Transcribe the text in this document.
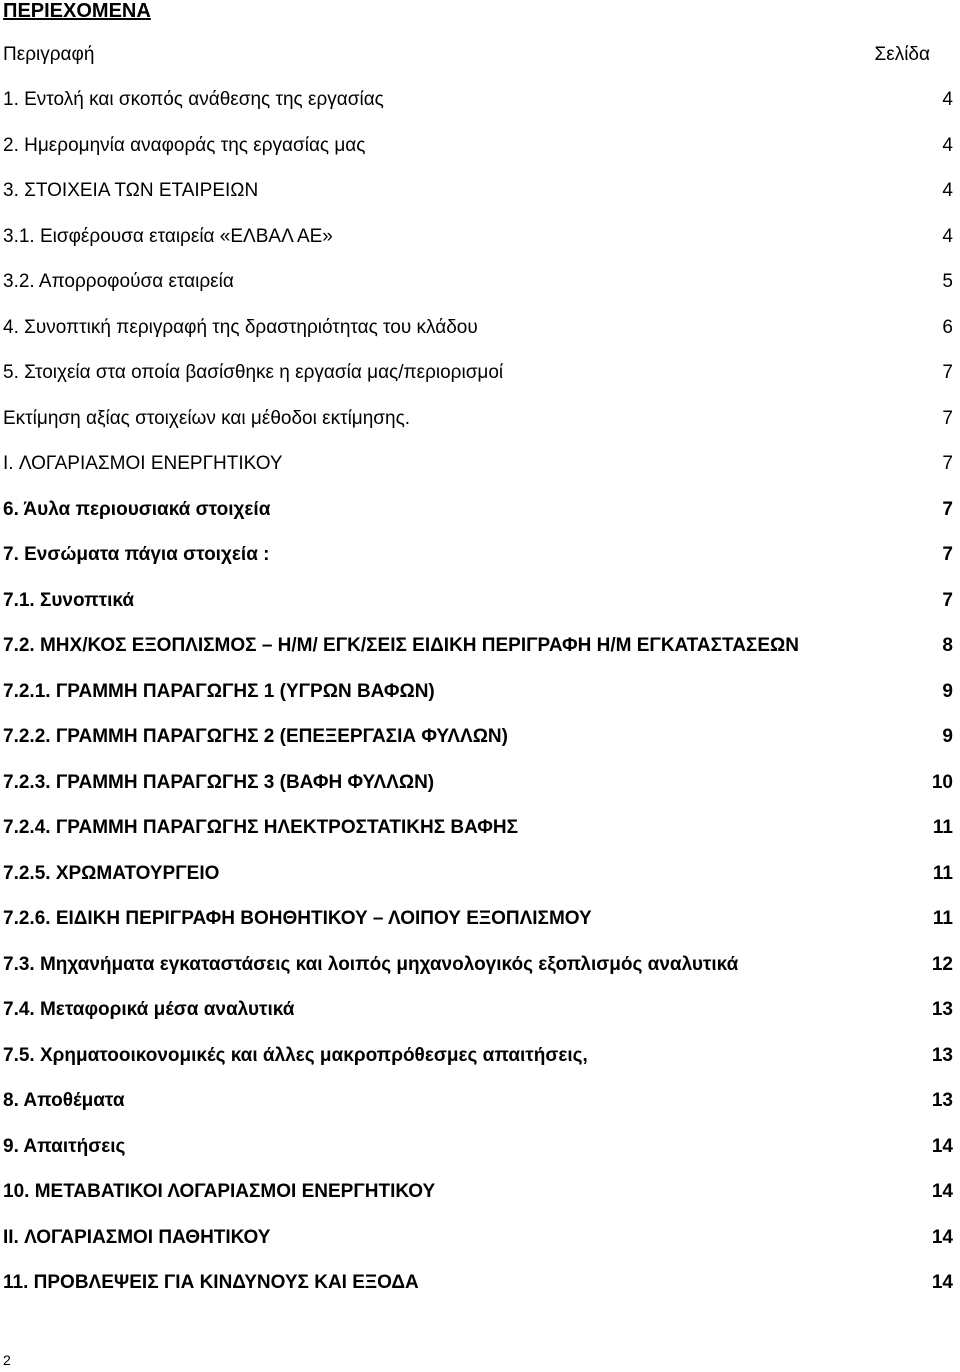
ΠΕΡΙΕΧΟΜΕΝΑ
Περιγραφή	Σελίδα
1. Εντολή και σκοπός ανάθεσης της εργασίας	4
2. Ημερομηνία αναφοράς της εργασίας μας	4
3. ΣΤΟΙΧΕΙΑ ΤΩΝ ΕΤΑΙΡΕΙΩΝ	4
3.1. Εισφέρουσα εταιρεία «ΕΛΒΑΛ ΑΕ»	4
3.2. Απορροφούσα εταιρεία	5
4. Συνοπτική περιγραφή της δραστηριότητας του κλάδου	6
5. Στοιχεία στα οποία βασίσθηκε η εργασία μας/περιορισμοί	7
Εκτίμηση αξίας στοιχείων και μέθοδοι εκτίμησης.	7
I. ΛΟΓΑΡΙΑΣΜΟΙ ΕΝΕΡΓΗΤΙΚΟΥ	7
6. Άυλα περιουσιακά στοιχεία	7
7. Ενσώματα πάγια στοιχεία :	7
7.1. Συνοπτικά	7
7.2. ΜΗΧ/ΚΟΣ ΕΞΟΠΛΙΣΜΟΣ – Η/Μ/ ΕΓΚ/ΣΕΙΣ ΕΙΔΙΚΗ ΠΕΡΙΓΡΑΦΗ Η/Μ ΕΓΚΑΤΑΣΤΑΣΕΩΝ	8
7.2.1. ΓΡΑΜΜΗ ΠΑΡΑΓΩΓΗΣ 1 (ΥΓΡΩΝ ΒΑΦΩΝ)	9
7.2.2. ΓΡΑΜΜΗ ΠΑΡΑΓΩΓΗΣ 2 (ΕΠΕΞΕΡΓΑΣΙΑ ΦΥΛΛΩΝ)	9
7.2.3. ΓΡΑΜΜΗ ΠΑΡΑΓΩΓΗΣ 3 (ΒΑΦΗ ΦΥΛΛΩΝ)	10
7.2.4. ΓΡΑΜΜΗ ΠΑΡΑΓΩΓΗΣ ΗΛΕΚΤΡΟΣΤΑΤΙΚΗΣ ΒΑΦΗΣ	11
7.2.5. ΧΡΩΜΑΤΟΥΡΓΕΙΟ	11
7.2.6. ΕΙΔΙΚΗ ΠΕΡΙΓΡΑΦΗ ΒΟΗΘΗΤΙΚΟΥ – ΛΟΙΠΟΥ ΕΞΟΠΛΙΣΜΟΥ	11
7.3. Μηχανήματα εγκαταστάσεις και λοιπός μηχανολογικός εξοπλισμός αναλυτικά	12
7.4. Μεταφορικά μέσα αναλυτικά	13
7.5. Χρηματοοικονομικές και άλλες μακροπρόθεσμες απαιτήσεις,	13
8. Αποθέματα	13
9. Απαιτήσεις	14
10. ΜΕΤΑΒΑΤΙΚΟΙ ΛΟΓΑΡΙΑΣΜΟΙ ΕΝΕΡΓΗΤΙΚΟΥ	14
II. ΛΟΓΑΡΙΑΣΜΟΙ ΠΑΘΗΤΙΚΟΥ	14
11. ΠΡΟΒΛΕΨΕΙΣ ΓΙΑ ΚΙΝΔΥΝΟΥΣ ΚΑΙ ΕΞΟΔΑ	14
2
